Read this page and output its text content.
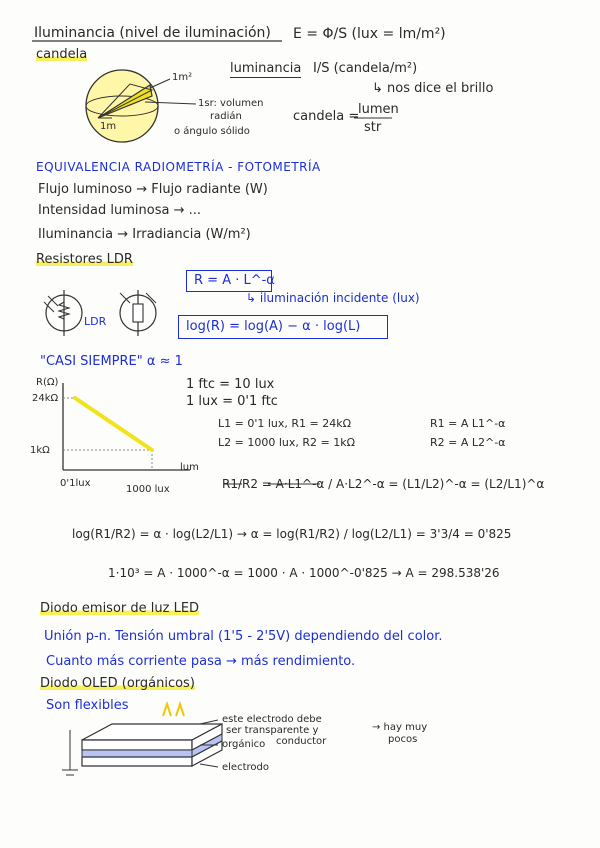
Iluminancia (nivel de iluminación) E = Φ/S (lux = lm/m²)
candela
1m²
1m
1sr: volumen
radián
o ángulo sólido
luminancia I/S (candela/m²)
↳ nos dice el brillo
candela =
lumen
str
EQUIVALENCIA RADIOMETRÍA - FOTOMETRÍA
Flujo luminoso → Flujo radiante (W)
Intensidad luminosa → ...
Iluminancia → Irradiancia (W/m²)
Resistores LDR
LDR
R = A · L^-α
↳ iluminación incidente (lux)
log(R) = log(A) − α · log(L)
"CASI SIEMPRE" α ≈ 1
R(Ω)
24kΩ
1kΩ
0'1lux
1000 lux
lum
1 ftc = 10 lux
1 lux = 0'1 ftc
L1 = 0'1 lux, R1 = 24kΩ
L2 = 1000 lux, R2 = 1kΩ
R1 = A L1^-α
R2 = A L2^-α
R1/R2 = A·L1^-α / A·L2^-α = (L1/L2)^-α = (L2/L1)^α
log(R1/R2) = α · log(L2/L1) → α = log(R1/R2) / log(L2/L1) = 3'3/4 = 0'825
1·10³ = A · 1000^-α = 1000 · A · 1000^-0'825 → A = 298.538'26
Diodo emisor de luz LED
Unión p-n. Tensión umbral (1'5 - 2'5V) dependiendo del color.
Cuanto más corriente pasa → más rendimiento.
Diodo OLED (orgánicos)
Son flexibles
este electrodo debe
ser transparente y
conductor
→ hay muy
pocos
orgánico
electrodo
